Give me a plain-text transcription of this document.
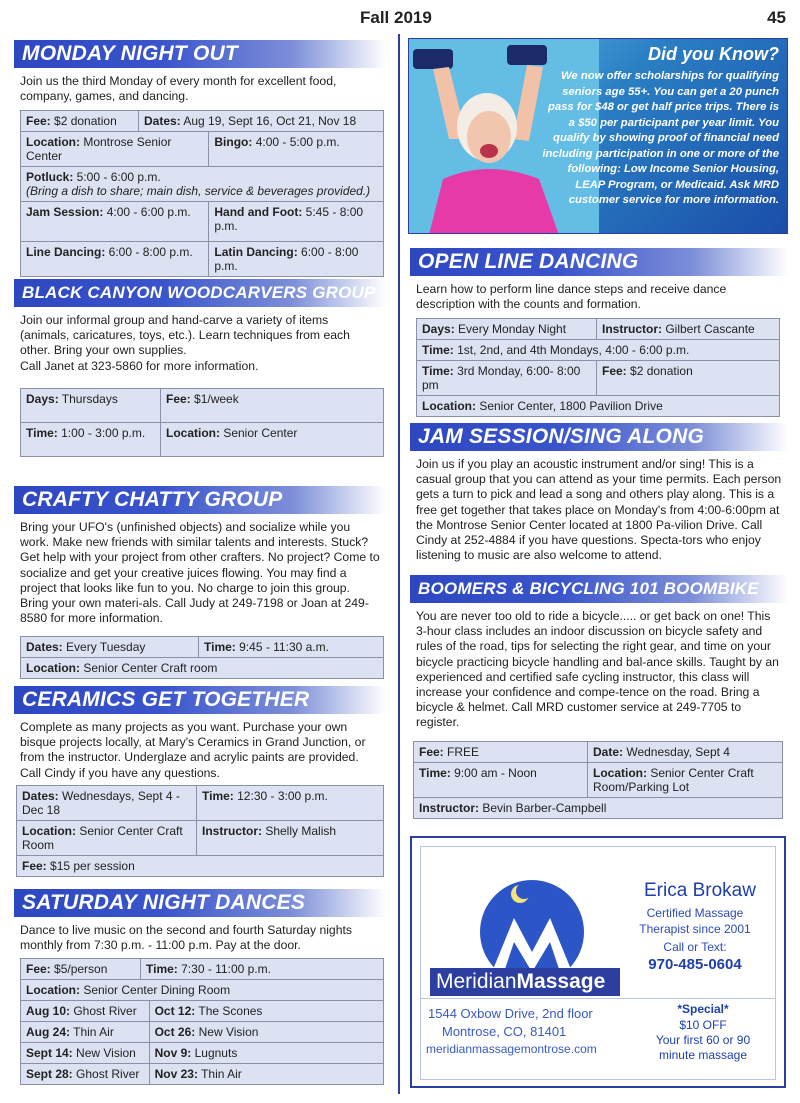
Fall 2019	45
MONDAY NIGHT OUT
Join us the third Monday of every month for excellent food, company, games, and dancing.
Fee: $2 donation	Dates: Aug 19, Sept 16, Oct 21, Nov 18	
Location: Montrose Senior Center		Bingo: 4:00 - 5:00 p.m.
Potluck: 5:00 - 6:00 p.m.
(Bring a dish to share; main dish, service & beverages provided.)		
Jam Session: 4:00 - 6:00 p.m.		Hand and Foot: 5:45 - 8:00 p.m.
Line Dancing: 6:00 - 8:00 p.m.		Latin Dancing: 6:00 - 8:00 p.m.
BLACK CANYON WOODCARVERS GROUP
Join our informal group and hand-carve a variety of items (animals, caricatures, toys, etc.). Learn techniques from each other. Bring your own supplies.
Call Janet at 323-5860 for more information.
Days: Thursdays	Fee: $1/week
Time: 1:00 - 3:00 p.m.	Location: Senior Center
CRAFTY CHATTY GROUP
Bring your UFO's (unfinished objects) and socialize while you work. Make new friends with similar talents and interests. Stuck? Get help with your project from other crafters. No project? Come to socialize and get your creative juices flowing. You may find a project that looks like fun to you. No charge to join this group. Bring your own materi-als. Call Judy at 249-7198 or Joan at 249-8580 for more information.
Dates: Every Tuesday	Time: 9:45 - 11:30 a.m.
Location: Senior Center Craft room
CERAMICS GET TOGETHER
Complete as many projects as you want. Purchase your own bisque projects locally, at Mary's Ceramics in Grand Junction, or from the instructor. Underglaze and acrylic paints are provided. Call Cindy if you have any questions.
Dates: Wednesdays, Sept 4 - Dec 18	Time: 12:30 - 3:00 p.m.
Location: Senior Center Craft Room	Instructor: Shelly Malish
Fee: $15 per session	
SATURDAY NIGHT DANCES
Dance to live music on the second and fourth Saturday nights monthly from 7:30 p.m. - 11:00 p.m. Pay at the door.
Fee: $5/person	Time: 7:30 - 11:00 p.m.	
Location: Senior Center Dining Room		
Aug 10: Ghost River		Oct 12: The Scones
Aug 24: Thin Air		Oct 26: New Vision
Sept 14: New Vision		Nov 9: Lugnuts
Sept 28: Ghost River		Nov 23: Thin Air
Did you Know?
We now offer scholarships for qualifying seniors age 55+. You can get a 20 punch pass for $48 or get half price trips. There is a $50 per participant per year limit. You qualify by showing proof of financial need including participation in one or more of the following: Low Income Senior Housing, LEAP Program, or Medicaid. Ask MRD customer service for more information.
OPEN LINE DANCING
Learn how to perform line dance steps and receive dance description with the counts and formation.
Days: Every Monday Night	Instructor: Gilbert Cascante
Time: 1st, 2nd, and 4th Mondays, 4:00 - 6:00 p.m.	
Time: 3rd Monday, 6:00- 8:00 pm	Fee: $2 donation
Location: Senior Center, 1800 Pavilion Drive	
JAM SESSION/SING ALONG
Join us if you play an acoustic instrument and/or sing! This is a casual group that you can attend as your time permits. Each person gets a turn to pick and lead a song and others play along. This is a free get together that takes place on Monday's from 4:00-6:00pm at the Montrose Senior Center located at 1800 Pa-vilion Drive. Call Cindy at 252-4884 if you have questions. Specta-tors who enjoy listening to music are also welcome to attend.
BOOMERS & BICYCLING 101 BOOMBIKE
You are never too old to ride a bicycle..... or get back on one! This 3-hour class includes an indoor discussion on bicycle safety and rules of the road, tips for selecting the right gear, and time on your bicycle practicing bicycle handling and bal-ance skills. Taught by an experienced and certified safe cycling instructor, this class will increase your confidence and compe-tence on the road. Bring a bicycle & helmet. Call MRD customer service at 249-7705 to register.
Fee: FREE	Date: Wednesday, Sept 4
Time: 9:00 am - Noon	Location: Senior Center Craft Room/Parking Lot
Instructor: Bevin Barber-Campbell	
MeridianMassage
Erica Brokaw
Certified Massage
Therapist since 2001
Call or Text:
970-485-0604
1544 Oxbow Drive, 2nd floor
Montrose, CO, 81401
meridianmassagemontrose.com
*Special*
$10 OFF
Your first 60 or 90
minute massage
